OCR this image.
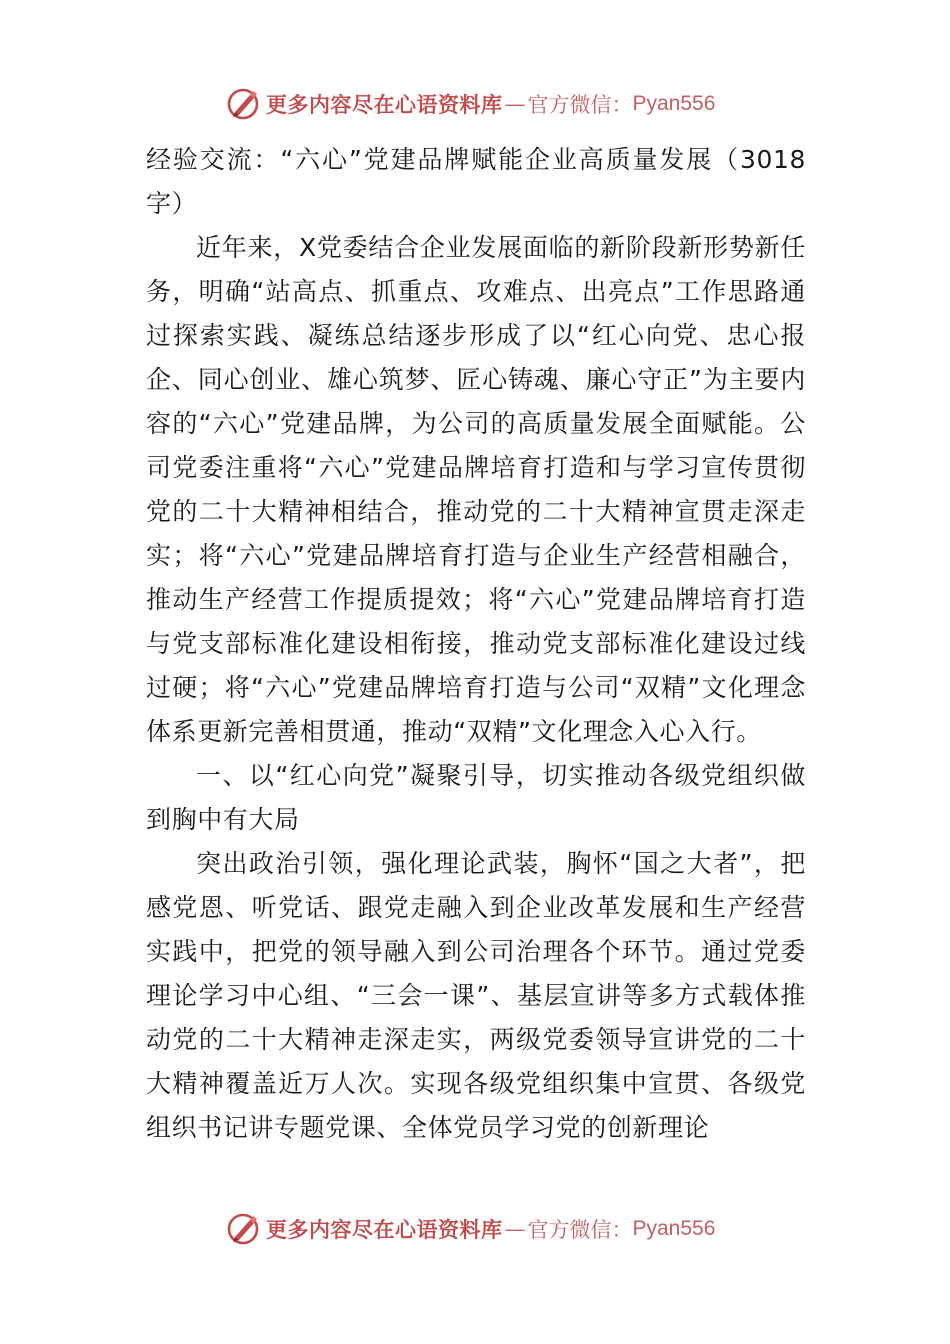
更多内容尽在心语资料库 — 官方微信： Pyan556

经验交流：“六心”党建品牌赋能企业高质量发展（3018字）

近年来，X党委结合企业发展面临的新阶段新形势新任务，明确“站高点、抓重点、攻难点、出亮点”工作思路通过探索实践、凝练总结逐步形成了以“红心向党、忠心报企、同心创业、雄心筑梦、匠心铸魂、廉心守正”为主要内容的“六心”党建品牌，为公司的高质量发展全面赋能。公司党委注重将“六心”党建品牌培育打造和与学习宣传贯彻党的二十大精神相结合，推动党的二十大精神宣贯走深走实；将“六心”党建品牌培育打造与企业生产经营相融合，推动生产经营工作提质提效；将“六心”党建品牌培育打造与党支部标准化建设相衔接，推动党支部标准化建设过线过硬；将“六心”党建品牌培育打造与公司“双精”文化理念体系更新完善相贯通，推动“双精”文化理念入心入行。

一、以“红心向党”凝聚引导，切实推动各级党组织做到胸中有大局

突出政治引领，强化理论武装，胸怀“国之大者”，把感党恩、听党话、跟党走融入到企业改革发展和生产经营实践中，把党的领导融入到公司治理各个环节。通过党委理论学习中心组、“三会一课”、基层宣讲等多方式载体推动党的二十大精神走深走实，两级党委领导宣讲党的二十大精神覆盖近万人次。实现各级党组织集中宣贯、各级党组织书记讲专题党课、全体党员学习党的创新理论

更多内容尽在心语资料库 — 官方微信： Pyan556
